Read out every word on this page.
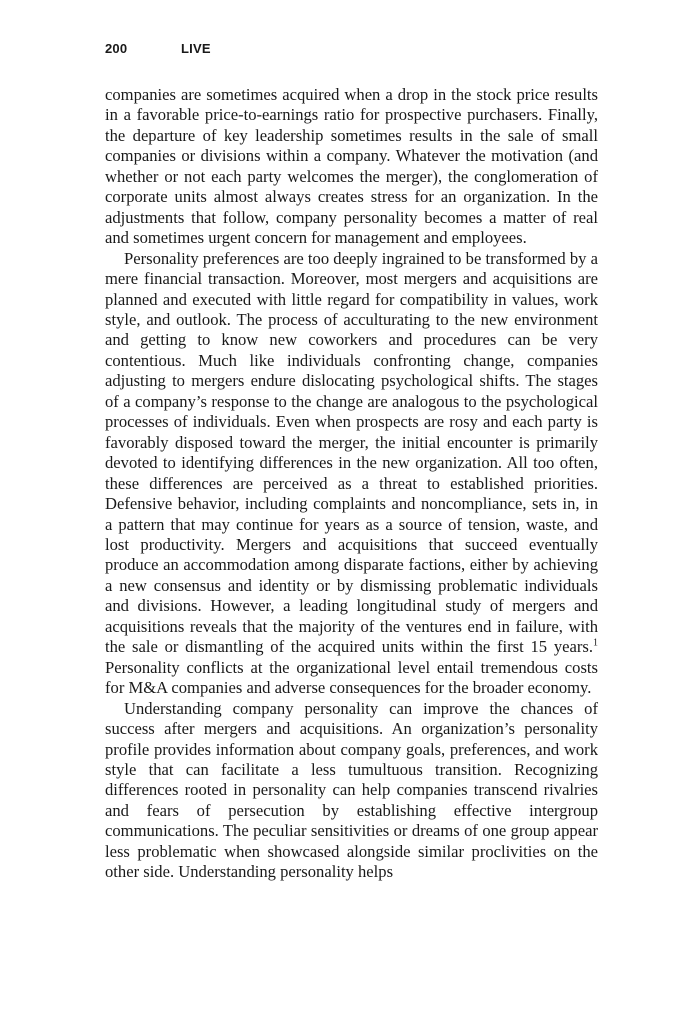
200	LIVE

companies are sometimes acquired when a drop in the stock price results in a favorable price-to-earnings ratio for prospective purchasers. Finally, the departure of key leadership sometimes results in the sale of small companies or divisions within a company. Whatever the motivation (and whether or not each party welcomes the merger), the conglomeration of corporate units almost always creates stress for an organization. In the adjustments that follow, company personality becomes a matter of real and sometimes urgent concern for management and employees.

Personality preferences are too deeply ingrained to be transformed by a mere financial transaction. Moreover, most mergers and acquisitions are planned and executed with little regard for compatibility in values, work style, and outlook. The process of acculturating to the new environment and getting to know new coworkers and procedures can be very contentious. Much like individuals confronting change, companies adjusting to mergers endure dislocating psychological shifts. The stages of a company’s response to the change are analogous to the psychological processes of individuals. Even when prospects are rosy and each party is favorably disposed toward the merger, the initial encounter is primarily devoted to identifying differences in the new organization. All too often, these differences are perceived as a threat to established priorities. Defensive behavior, including complaints and noncompliance, sets in, in a pattern that may continue for years as a source of tension, waste, and lost productivity. Mergers and acquisitions that succeed eventually produce an accommodation among disparate factions, either by achieving a new consensus and identity or by dismissing problematic individuals and divisions. However, a leading longitudinal study of mergers and acquisitions reveals that the majority of the ventures end in failure, with the sale or dismantling of the acquired units within the first 15 years.$^1$ Personality conflicts at the organizational level entail tremendous costs for M&A companies and adverse consequences for the broader economy.

Understanding company personality can improve the chances of success after mergers and acquisitions. An organization’s personality profile provides information about company goals, preferences, and work style that can facilitate a less tumultuous transition. Recognizing differences rooted in personality can help companies transcend rivalries and fears of persecution by establishing effective intergroup communications. The peculiar sensitivities or dreams of one group appear less problematic when showcased alongside similar proclivities on the other side. Understanding personality helps
